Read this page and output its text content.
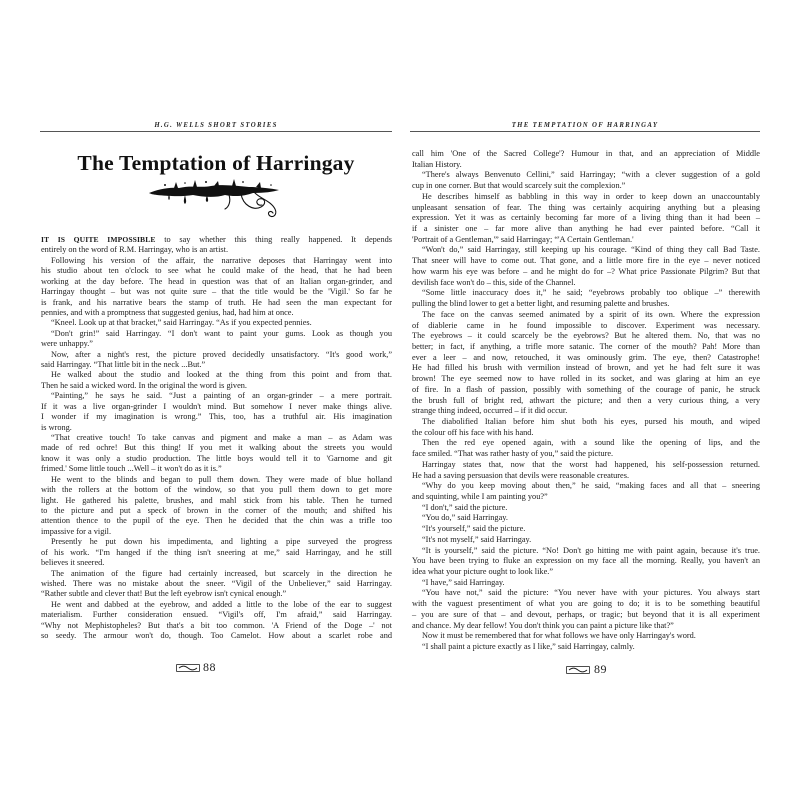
H.G. WELLS SHORT STORIES
The Temptation of Harringay
IT IS QUITE IMPOSSIBLE to say whether this thing really happened. It depends
entirely on the word of R.M. Harringay, who is an artist.
Following his version of the affair, the narrative deposes that Harringay went into
his studio about ten o'clock to see what he could make of the head, that he had been
working at the day before. The head in question was that of an Italian organ-grinder, and
Harringay thought – but was not quite sure – that the title would be the 'Vigil.' So far he
is frank, and his narrative bears the stamp of truth. He had seen the man expectant for
pennies, and with a promptness that suggested genius, had, had him at once.
“Kneel. Look up at that bracket,” said Harringay. “As if you expected pennies.
“Don't grin!” said Harringay. “I don't want to paint your gums. Look as though you
were unhappy.”
Now, after a night's rest, the picture proved decidedly unsatisfactory. “It's good work,”
said Harringay. “That little bit in the neck ...But.”
He walked about the studio and looked at the thing from this point and from that.
Then he said a wicked word. In the original the word is given.
“Painting,” he says he said. “Just a painting of an organ-grinder – a mere portrait.
If it was a live organ-grinder I wouldn't mind. But somehow I never make things alive.
I wonder if my imagination is wrong.” This, too, has a truthful air. His imagination
is wrong.
“That creative touch! To take canvas and pigment and make a man – as Adam was
made of red ochre! But this thing! If you met it walking about the streets you would
know it was only a studio production. The little boys would tell it to 'Garnome and git
frimed.' Some little touch ...Well – it won't do as it is.”
He went to the blinds and began to pull them down. They were made of blue holland
with the rollers at the bottom of the window, so that you pull them down to get more
light. He gathered his palette, brushes, and mahl stick from his table. Then he turned
to the picture and put a speck of brown in the corner of the mouth; and shifted his
attention thence to the pupil of the eye. Then he decided that the chin was a trifle too
impassive for a vigil.
Presently he put down his impedimenta, and lighting a pipe surveyed the progress
of his work. “I'm hanged if the thing isn't sneering at me,” said Harringay, and he still
believes it sneered.
The animation of the figure had certainly increased, but scarcely in the direction he
wished. There was no mistake about the sneer. “Vigil of the Unbeliever,” said Harringay.
“Rather subtle and clever that! But the left eyebrow isn't cynical enough.”
He went and dabbed at the eyebrow, and added a little to the lobe of the ear to suggest
materialism. Further consideration ensued. “Vigil's off, I'm afraid,” said Harringay.
“Why not Mephistopheles? But that's a bit too common. 'A Friend of the Doge –' not
so seedy. The armour won't do, though. Too Camelot. How about a scarlet robe and
88
THE TEMPTATION OF HARRINGAY
call him 'One of the Sacred College'? Humour in that, and an appreciation of Middle
Italian History.
“There's always Benvenuto Cellini,” said Harringay; “with a clever suggestion of a gold
cup in one corner. But that would scarcely suit the complexion.”
He describes himself as babbling in this way in order to keep down an unaccountably
unpleasant sensation of fear. The thing was certainly acquiring anything but a pleasing
expression. Yet it was as certainly becoming far more of a living thing than it had been –
if a sinister one – far more alive than anything he had ever painted before. “Call it
'Portrait of a Gentleman,'” said Harringay; “'A Certain Gentleman.'
“Won't do,” said Harringay, still keeping up his courage. “Kind of thing they call Bad Taste.
That sneer will have to come out. That gone, and a little more fire in the eye – never noticed
how warm his eye was before – and he might do for –? What price Passionate Pilgrim? But that
devilish face won't do – this, side of the Channel.
“Some little inaccuracy does it,” he said; “eyebrows probably too oblique –” therewith
pulling the blind lower to get a better light, and resuming palette and brushes.
The face on the canvas seemed animated by a spirit of its own. Where the expression
of diablerie came in he found impossible to discover. Experiment was necessary.
The eyebrows – it could scarcely be the eyebrows? But he altered them. No, that was no
better; in fact, if anything, a trifle more satanic. The corner of the mouth? Pah! More than
ever a leer – and now, retouched, it was ominously grim. The eye, then? Catastrophe!
He had filled his brush with vermilion instead of brown, and yet he had felt sure it was
brown! The eye seemed now to have rolled in its socket, and was glaring at him an eye
of fire. In a flash of passion, possibly with something of the courage of panic, he struck
the brush full of bright red, athwart the picture; and then a very curious thing, a very
strange thing indeed, occurred – if it did occur.
The diabolified Italian before him shut both his eyes, pursed his mouth, and wiped
the colour off his face with his hand.
Then the red eye opened again, with a sound like the opening of lips, and the
face smiled. “That was rather hasty of you,” said the picture.
Harringay states that, now that the worst had happened, his self-possession returned.
He had a saving persuasion that devils were reasonable creatures.
“Why do you keep moving about then,” he said, “making faces and all that – sneering
and squinting, while I am painting you?”
“I don't,” said the picture.
“You do,” said Harringay.
“It's yourself,” said the picture.
“It's not myself,” said Harringay.
“It is yourself,” said the picture. “No! Don't go hitting me with paint again, because it's true.
You have been trying to fluke an expression on my face all the morning. Really, you haven't an
idea what your picture ought to look like.”
“I have,” said Harringay.
“You have not,” said the picture: “You never have with your pictures. You always start
with the vaguest presentiment of what you are going to do; it is to be something beautiful
– you are sure of that – and devout, perhaps, or tragic; but beyond that it is all experiment
and chance. My dear fellow! You don't think you can paint a picture like that?”
Now it must be remembered that for what follows we have only Harringay's word.
“I shall paint a picture exactly as I like,” said Harringay, calmly.
89
